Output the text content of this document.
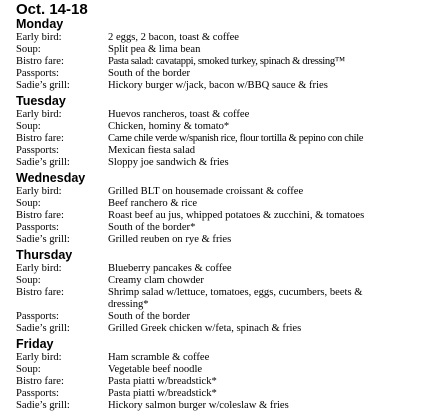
Oct. 14-18
Monday
Early bird:	2 eggs, 2 bacon, toast & coffee
Soup:	Split pea & lima bean
Bistro fare:	Pasta salad: cavatappi, smoked turkey, spinach & dressing™
Passports:	South of the border
Sadie’s grill:	Hickory burger w/jack, bacon w/BBQ sauce & fries
Tuesday
Early bird:	Huevos rancheros, toast & coffee
Soup:	Chicken, hominy & tomato*
Bistro fare:	Carne chile verde w/spanish rice, flour tortilla & pepino con chile
Passports:	Mexican fiesta salad
Sadie’s grill:	Sloppy joe sandwich & fries
Wednesday
Early bird:	Grilled BLT on housemade croissant & coffee
Soup:	Beef ranchero & rice
Bistro fare:	Roast beef au jus, whipped potatoes & zucchini, & tomatoes
Passports:	South of the border*
Sadie’s grill:	Grilled reuben on rye & fries
Thursday
Early bird:	Blueberry pancakes & coffee
Soup:	Creamy clam chowder
Bistro fare:	Shrimp salad w/lettuce, tomatoes, eggs, cucumbers, beets &
dressing*
Passports:	South of the border
Sadie’s grill:	Grilled Greek chicken w/feta, spinach & fries
Friday
Early bird:	Ham scramble & coffee
Soup:	Vegetable beef noodle
Bistro fare:	Pasta piatti w/breadstick*
Passports:	Pasta piatti w/breadstick*
Sadie’s grill:	Hickory salmon burger w/coleslaw & fries
